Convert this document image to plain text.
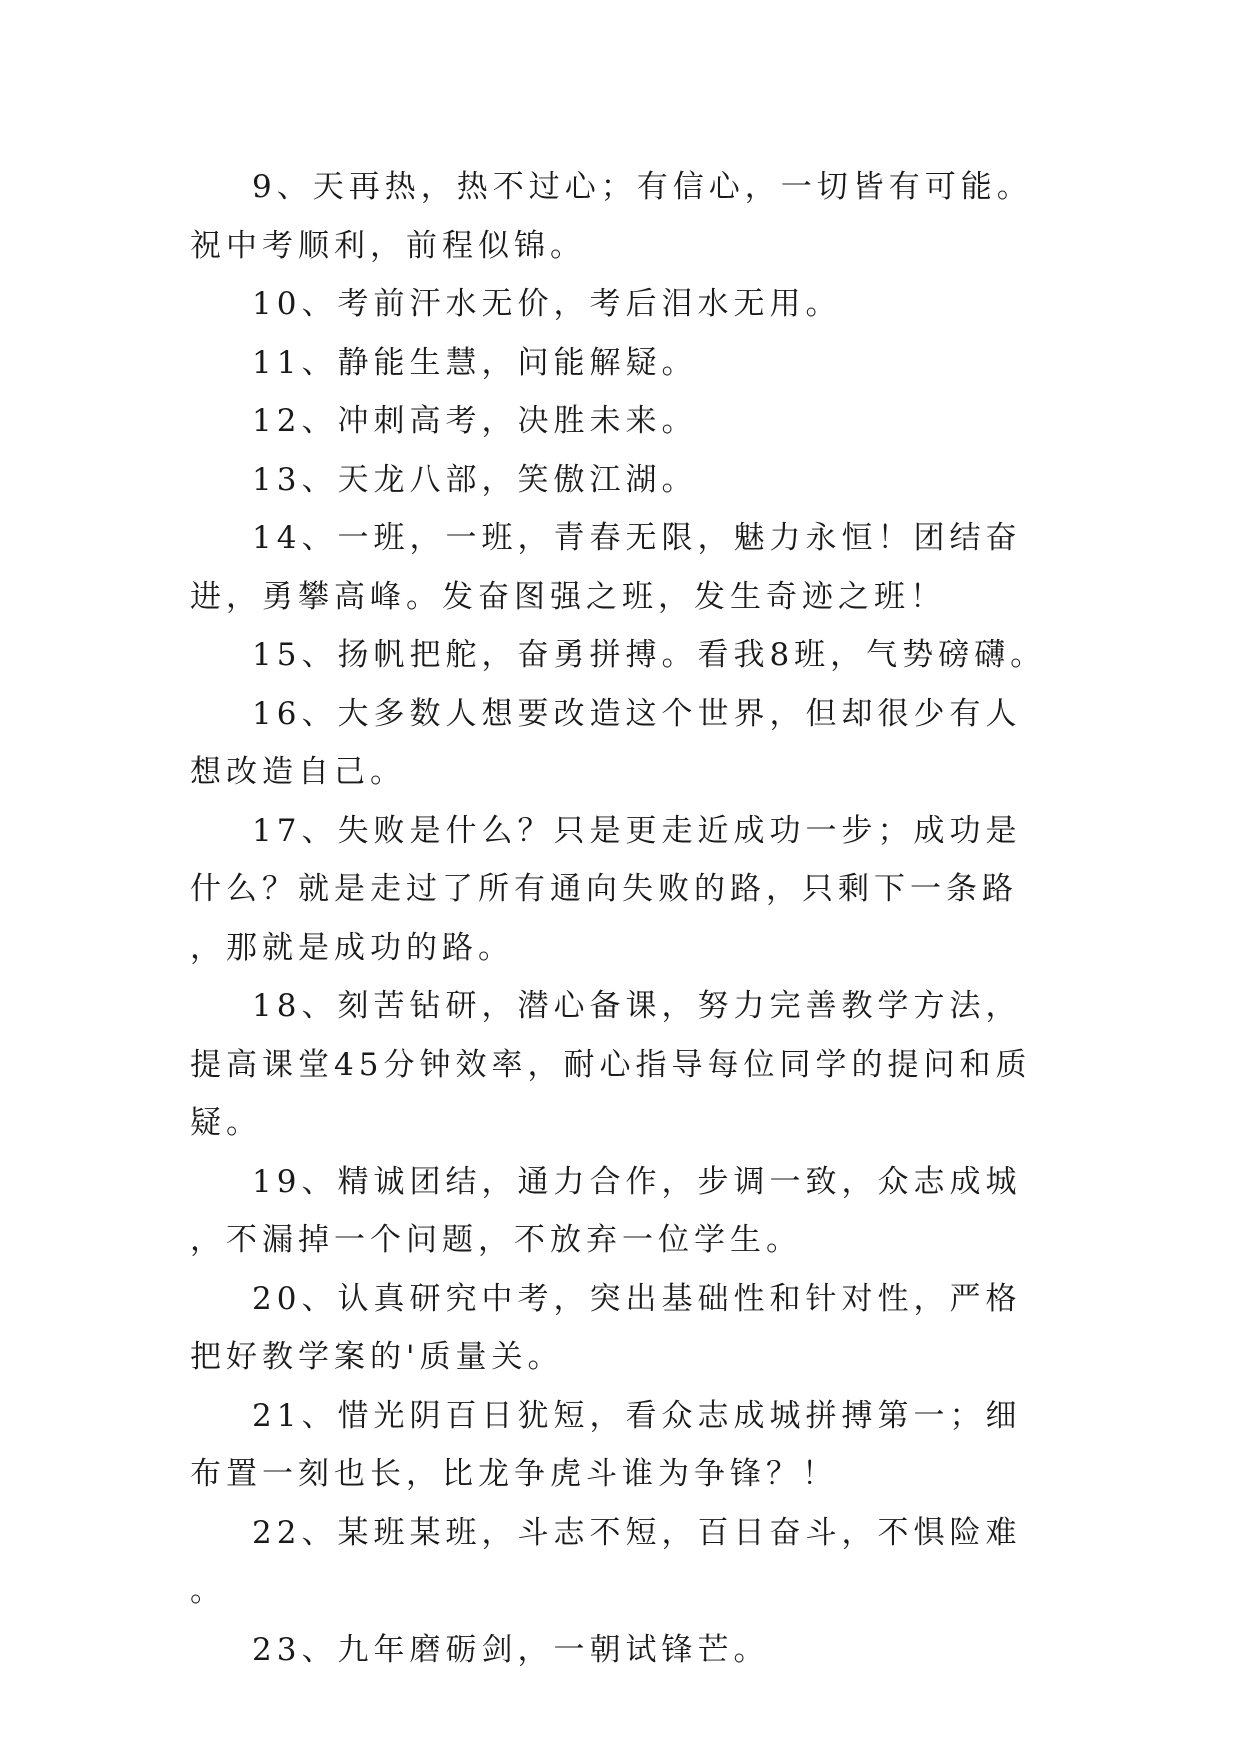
9、天再热，热不过心；有信心，一切皆有可能。祝中考顺利，前程似锦。

10、考前汗水无价，考后泪水无用。

11、静能生慧，问能解疑。

12、冲刺高考，决胜未来。

13、天龙八部，笑傲江湖。

14、一班，一班，青春无限，魅力永恒！团结奋进，勇攀高峰。发奋图强之班，发生奇迹之班！

15、扬帆把舵，奋勇拼搏。看我8班，气势磅礴。

16、大多数人想要改造这个世界，但却很少有人想改造自己。

17、失败是什么？只是更走近成功一步；成功是什么？就是走过了所有通向失败的路，只剩下一条路，那就是成功的路。

18、刻苦钻研，潜心备课，努力完善教学方法，提高课堂45分钟效率，耐心指导每位同学的提问和质疑。

19、精诚团结，通力合作，步调一致，众志成城，不漏掉一个问题，不放弃一位学生。

20、认真研究中考，突出基础性和针对性，严格把好教学案的'质量关。

21、惜光阴百日犹短，看众志成城拼搏第一；细布置一刻也长，比龙争虎斗谁为争锋？！

22、某班某班，斗志不短，百日奋斗，不惧险难。

23、九年磨砺剑，一朝试锋芒。
